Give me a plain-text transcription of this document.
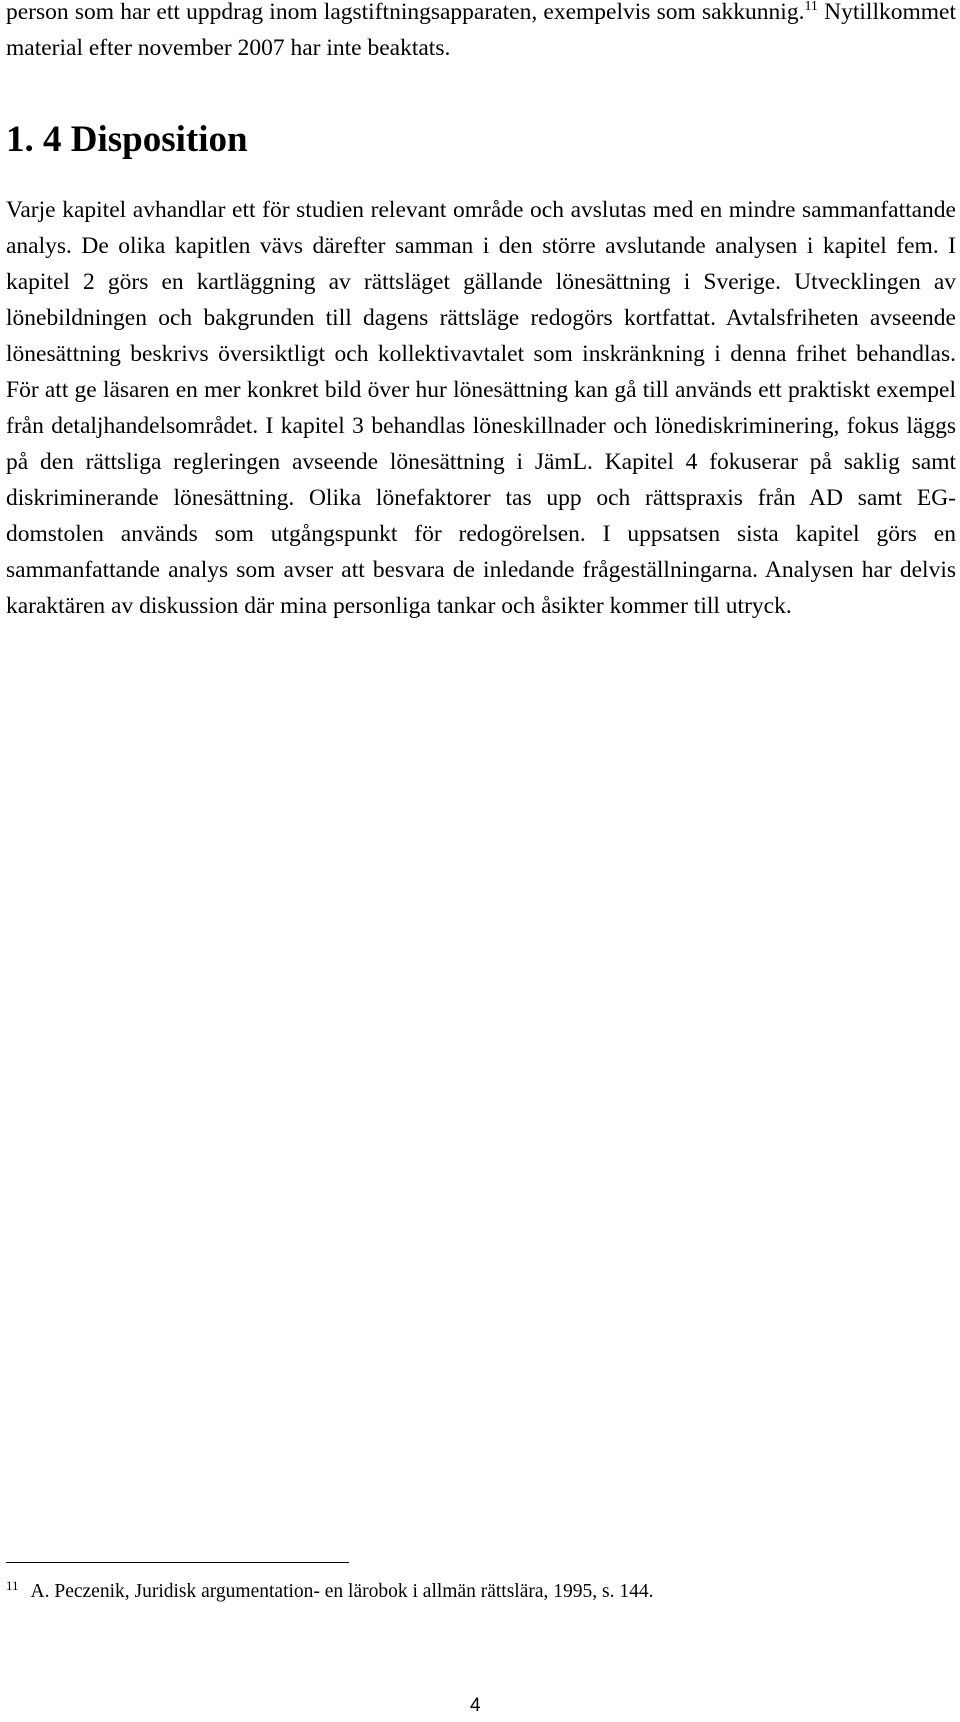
person som har ett uppdrag inom lagstiftningsapparaten, exempelvis som sakkunnig.$^{11}$ Nytillkommet material efter november 2007 har inte beaktats.

1. 4 Disposition

Varje kapitel avhandlar ett för studien relevant område och avslutas med en mindre sammanfattande analys. De olika kapitlen vävs därefter samman i den större avslutande analysen i kapitel fem. I kapitel 2 görs en kartläggning av rättsläget gällande lönesättning i Sverige. Utvecklingen av lönebildningen och bakgrunden till dagens rättsläge redogörs kortfattat. Avtalsfriheten avseende lönesättning beskrivs översiktligt och kollektivavtalet som inskränkning i denna frihet behandlas. För att ge läsaren en mer konkret bild över hur lönesättning kan gå till används ett praktiskt exempel från detaljhandelsområdet. I kapitel 3 behandlas löneskillnader och lönediskriminering, fokus läggs på den rättsliga regleringen avseende lönesättning i JämL. Kapitel 4 fokuserar på saklig samt diskriminerande lönesättning. Olika lönefaktorer tas upp och rättspraxis från AD samt EG-domstolen används som utgångspunkt för redogörelsen. I uppsatsen sista kapitel görs en sammanfattande analys som avser att besvara de inledande frågeställningarna. Analysen har delvis karaktären av diskussion där mina personliga tankar och åsikter kommer till utryck.

$^{11}$ A. Peczenik, Juridisk argumentation- en lärobok i allmän rättslära, 1995, s. 144.

4
